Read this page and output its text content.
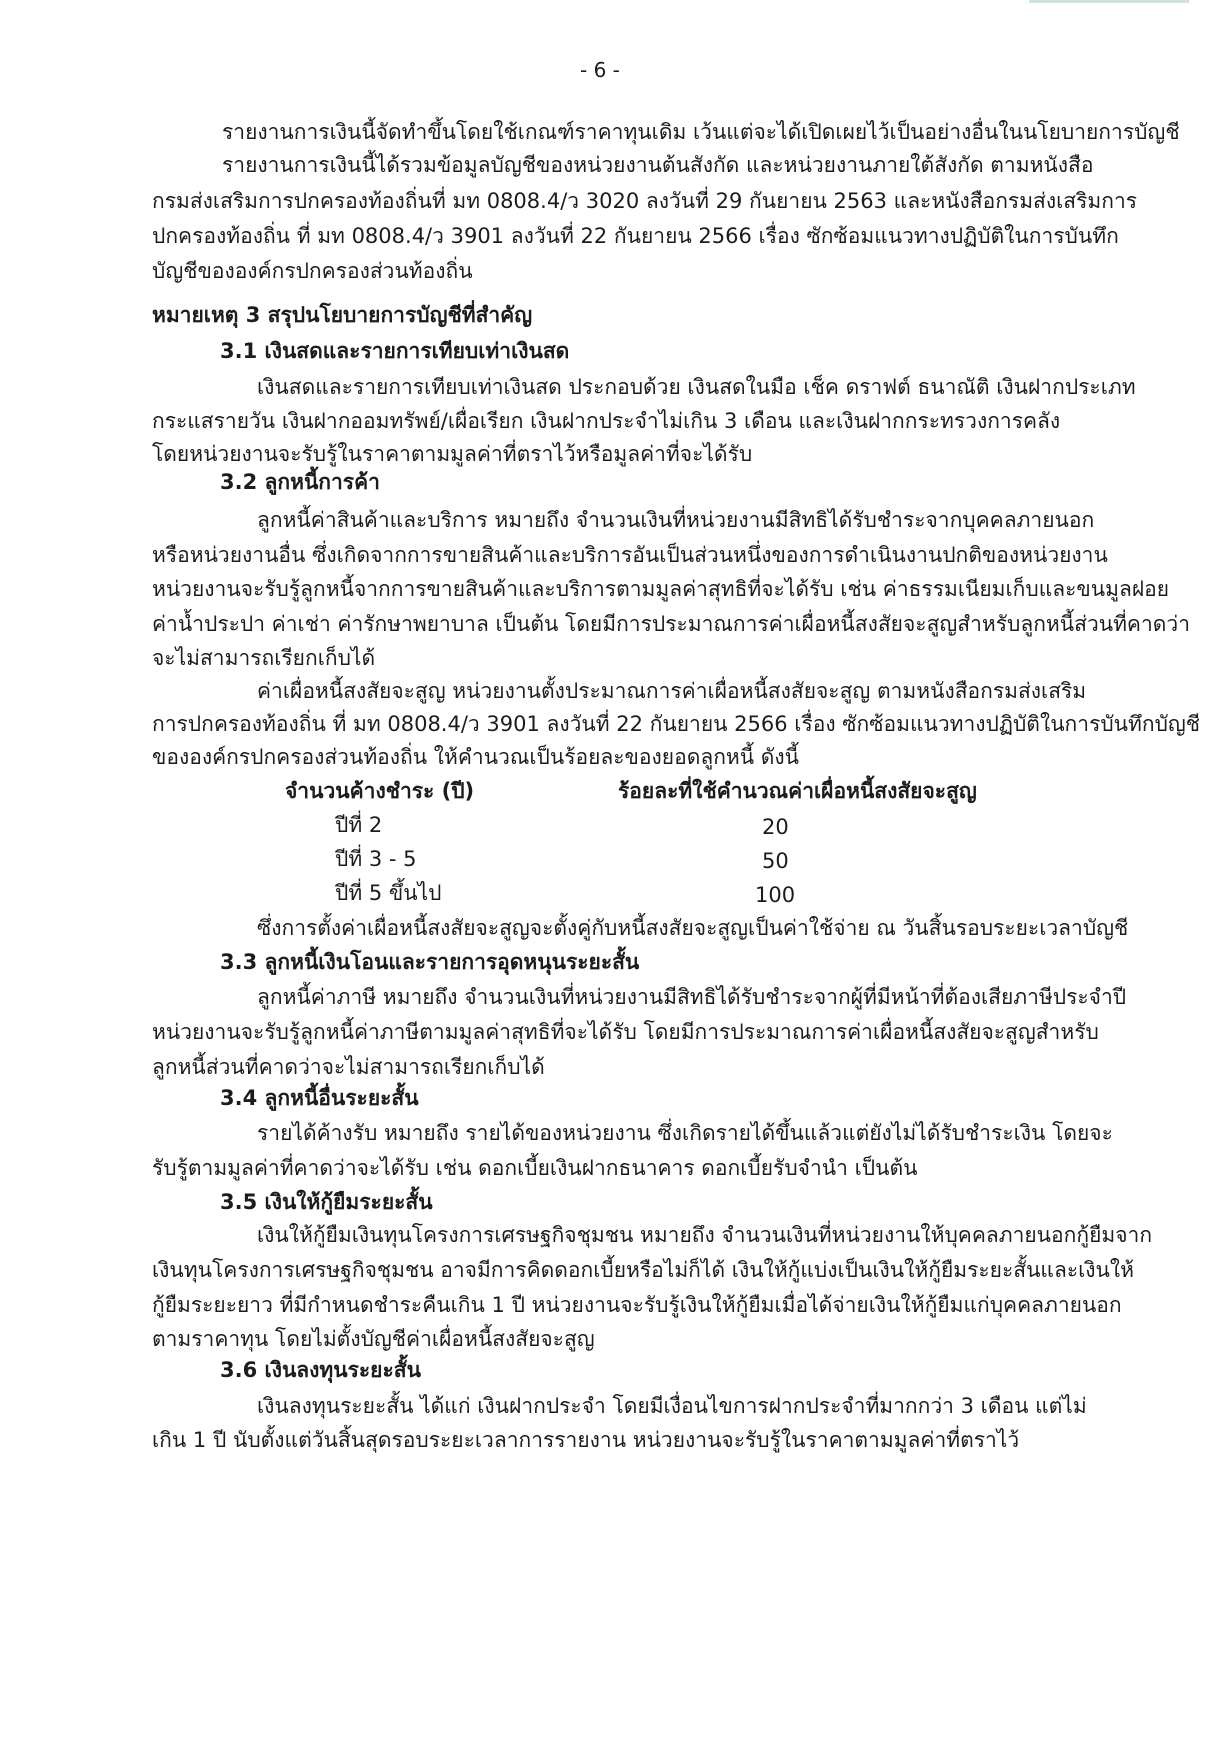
- 6 -

รายงานการเงินนี้จัดทำขึ้นโดยใช้เกณฑ์ราคาทุนเดิม เว้นแต่จะได้เปิดเผยไว้เป็นอย่างอื่นในนโยบายการบัญชี

รายงานการเงินนี้ได้รวมข้อมูลบัญชีของหน่วยงานต้นสังกัด และหน่วยงานภายใต้สังกัด ตามหนังสือ

กรมส่งเสริมการปกครองท้องถิ่นที่ มท 0808.4/ว 3020 ลงวันที่ 29 กันยายน 2563 และหนังสือกรมส่งเสริมการ

ปกครองท้องถิ่น ที่ มท 0808.4/ว 3901 ลงวันที่ 22 กันยายน 2566 เรื่อง ซักซ้อมแนวทางปฏิบัติในการบันทึก

บัญชีขององค์กรปกครองส่วนท้องถิ่น

หมายเหตุ 3 สรุปนโยบายการบัญชีที่สำคัญ

3.1 เงินสดและรายการเทียบเท่าเงินสด

เงินสดและรายการเทียบเท่าเงินสด ประกอบด้วย เงินสดในมือ เช็ค ดราฟต์ ธนาณัติ เงินฝากประเภท

กระแสรายวัน เงินฝากออมทรัพย์/เผื่อเรียก เงินฝากประจำไม่เกิน 3 เดือน และเงินฝากกระทรวงการคลัง

โดยหน่วยงานจะรับรู้ในราคาตามมูลค่าที่ตราไว้หรือมูลค่าที่จะได้รับ

3.2 ลูกหนี้การค้า

ลูกหนี้ค่าสินค้าและบริการ หมายถึง จำนวนเงินที่หน่วยงานมีสิทธิได้รับชำระจากบุคคลภายนอก

หรือหน่วยงานอื่น ซึ่งเกิดจากการขายสินค้าและบริการอันเป็นส่วนหนึ่งของการดำเนินงานปกติของหน่วยงาน

หน่วยงานจะรับรู้ลูกหนี้จากการขายสินค้าและบริการตามมูลค่าสุทธิที่จะได้รับ เช่น ค่าธรรมเนียมเก็บและขนมูลฝอย

ค่าน้ำประปา ค่าเช่า ค่ารักษาพยาบาล เป็นต้น โดยมีการประมาณการค่าเผื่อหนี้สงสัยจะสูญสำหรับลูกหนี้ส่วนที่คาดว่า

จะไม่สามารถเรียกเก็บได้

ค่าเผื่อหนี้สงสัยจะสูญ หน่วยงานตั้งประมาณการค่าเผื่อหนี้สงสัยจะสูญ ตามหนังสือกรมส่งเสริม

การปกครองท้องถิ่น ที่ มท 0808.4/ว 3901 ลงวันที่ 22 กันยายน 2566 เรื่อง ซักซ้อมแนวทางปฏิบัติในการบันทึกบัญชี

ขององค์กรปกครองส่วนท้องถิ่น ให้คำนวณเป็นร้อยละของยอดลูกหนี้ ดังนี้

จำนวนค้างชำระ (ปี)	ร้อยละที่ใช้คำนวณค่าเผื่อหนี้สงสัยจะสูญ

ปีที่ 2	20

ปีที่ 3 - 5	50

ปีที่ 5 ขึ้นไป	100

ซึ่งการตั้งค่าเผื่อหนี้สงสัยจะสูญจะตั้งคู่กับหนี้สงสัยจะสูญเป็นค่าใช้จ่าย ณ วันสิ้นรอบระยะเวลาบัญชี

3.3 ลูกหนี้เงินโอนและรายการอุดหนุนระยะสั้น

ลูกหนี้ค่าภาษี หมายถึง จำนวนเงินที่หน่วยงานมีสิทธิได้รับชำระจากผู้ที่มีหน้าที่ต้องเสียภาษีประจำปี

หน่วยงานจะรับรู้ลูกหนี้ค่าภาษีตามมูลค่าสุทธิที่จะได้รับ โดยมีการประมาณการค่าเผื่อหนี้สงสัยจะสูญสำหรับ

ลูกหนี้ส่วนที่คาดว่าจะไม่สามารถเรียกเก็บได้

3.4 ลูกหนี้อื่นระยะสั้น

รายได้ค้างรับ หมายถึง รายได้ของหน่วยงาน ซึ่งเกิดรายได้ขึ้นแล้วแต่ยังไม่ได้รับชำระเงิน โดยจะ

รับรู้ตามมูลค่าที่คาดว่าจะได้รับ เช่น ดอกเบี้ยเงินฝากธนาคาร ดอกเบี้ยรับจำนำ เป็นต้น

3.5 เงินให้กู้ยืมระยะสั้น

เงินให้กู้ยืมเงินทุนโครงการเศรษฐกิจชุมชน หมายถึง จำนวนเงินที่หน่วยงานให้บุคคลภายนอกกู้ยืมจาก

เงินทุนโครงการเศรษฐกิจชุมชน อาจมีการคิดดอกเบี้ยหรือไม่ก็ได้ เงินให้กู้แบ่งเป็นเงินให้กู้ยืมระยะสั้นและเงินให้

กู้ยืมระยะยาว ที่มีกำหนดชำระคืนเกิน 1 ปี หน่วยงานจะรับรู้เงินให้กู้ยืมเมื่อได้จ่ายเงินให้กู้ยืมแก่บุคคลภายนอก

ตามราคาทุน โดยไม่ตั้งบัญชีค่าเผื่อหนี้สงสัยจะสูญ

3.6 เงินลงทุนระยะสั้น

เงินลงทุนระยะสั้น ได้แก่ เงินฝากประจำ โดยมีเงื่อนไขการฝากประจำที่มากกว่า 3 เดือน แต่ไม่

เกิน 1 ปี นับตั้งแต่วันสิ้นสุดรอบระยะเวลาการรายงาน หน่วยงานจะรับรู้ในราคาตามมูลค่าที่ตราไว้
